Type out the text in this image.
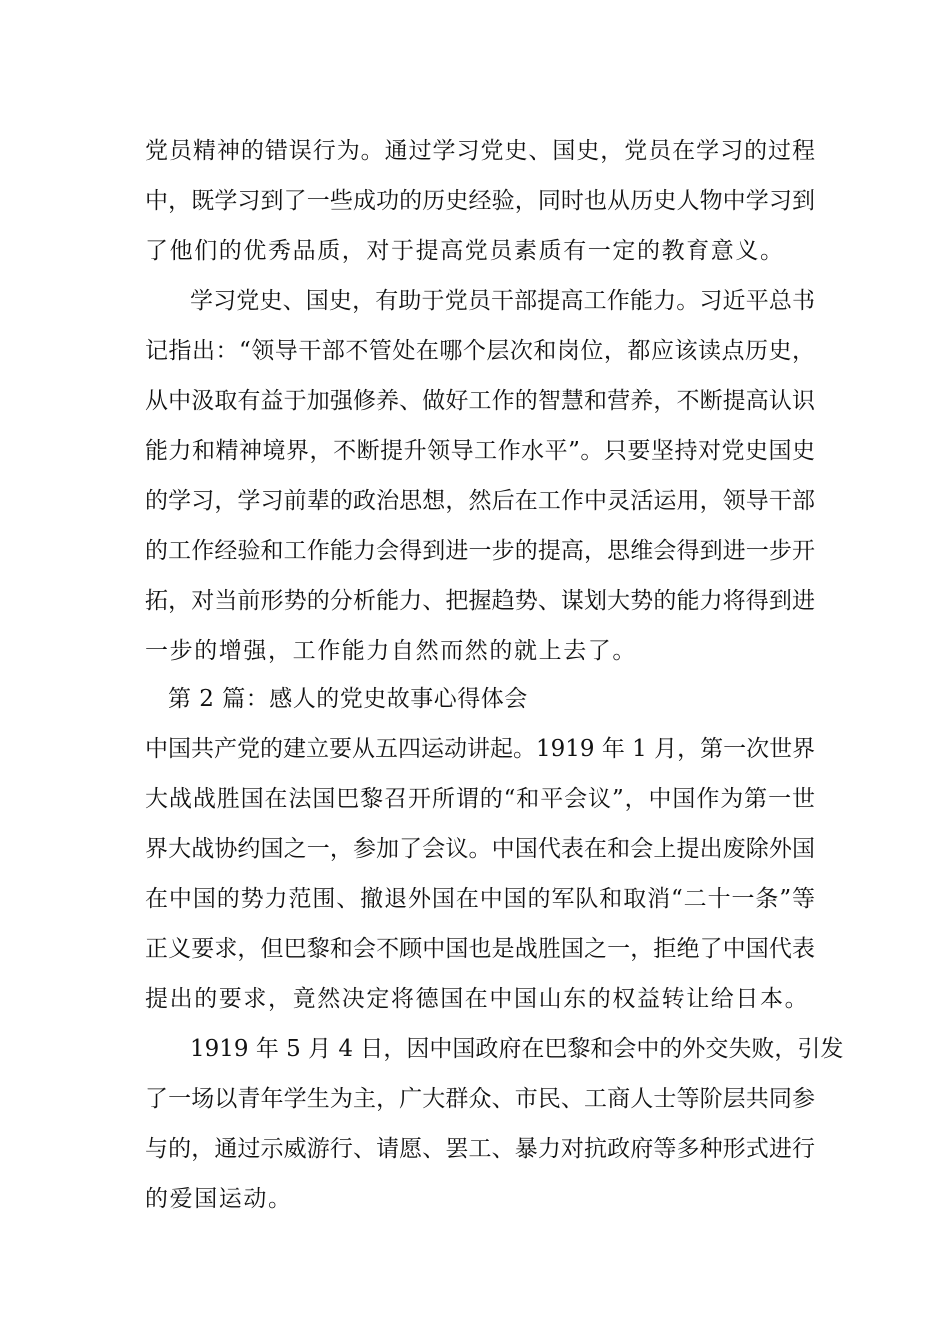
党员精神的错误行为。通过学习党史、国史，党员在学习的过程
中，既学习到了一些成功的历史经验，同时也从历史人物中学习到
了他们的优秀品质，对于提高党员素质有一定的教育意义。
学习党史、国史，有助于党员干部提高工作能力。习近平总书
记指出：“领导干部不管处在哪个层次和岗位，都应该读点历史，
从中汲取有益于加强修养、做好工作的智慧和营养，不断提高认识
能力和精神境界，不断提升领导工作水平”。只要坚持对党史国史
的学习，学习前辈的政治思想，然后在工作中灵活运用，领导干部
的工作经验和工作能力会得到进一步的提高，思维会得到进一步开
拓，对当前形势的分析能力、把握趋势、谋划大势的能力将得到进
一步的增强，工作能力自然而然的就上去了。
第 2 篇：感人的党史故事心得体会
中国共产党的建立要从五四运动讲起。1919 年 1 月，第一次世界
大战战胜国在法国巴黎召开所谓的“和平会议”，中国作为第一世
界大战协约国之一，参加了会议。中国代表在和会上提出废除外国
在中国的势力范围、撤退外国在中国的军队和取消“二十一条”等
正义要求，但巴黎和会不顾中国也是战胜国之一，拒绝了中国代表
提出的要求，竟然决定将德国在中国山东的权益转让给日本。
1919 年 5 月 4 日，因中国政府在巴黎和会中的外交失败，引发
了一场以青年学生为主，广大群众、市民、工商人士等阶层共同参
与的，通过示威游行、请愿、罢工、暴力对抗政府等多种形式进行
的爱国运动。
